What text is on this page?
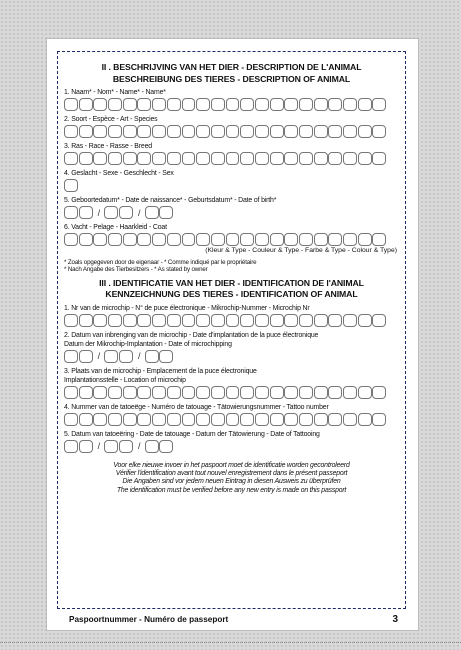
II . BESCHRIJVING VAN HET DIER - DESCRIPTION DE L'ANIMAL
BESCHREIBUNG DES TIERES - DESCRIPTION OF ANIMAL
1. Naam* - Nom* - Name* - Name*
2. Soort - Espèce - Art - Species
3. Ras - Race - Rasse - Breed
4. Geslacht - Sexe - Geschlecht - Sex
5. Geboortedatum* - Date de naissance* - Geburtsdatum* - Date of birth*
/	/
6. Vacht - Pelage - Haarkleid - Coat
(Kleur & Type - Couleur & Type - Farbe & Type - Colour & Type)
* Zoals opgegeven door de eigenaar - * Comme indiqué par le propriétaire
* Nach Angabe des Tierbesitzers - * As stated by owner
III . IDENTIFICATIE VAN HET DIER - IDENTIFICATION DE l'ANIMAL
KENNZEICHNUNG DES TIERES - IDENTIFICATION OF ANIMAL
1. Nr van de microchip - N° de puce électronique - Mikrochip-Nummer - Microchip Nr
2. Datum van inbrenging van de microchip - Date d'implantation de la puce électronique
Datum der Mikrochip-Implantation - Date of microchipping
/	/
3. Plaats van de microchip - Emplacement de la puce électronique
Implantationsstelle - Location of microchip
4. Nummer van de tatoeëge - Numéro de tatouage - Tätowierungsnummer - Tattoo number
5. Datum van tatoeëring - Date de tatouage - Datum der Tätowierung - Date of Tattooing
/	/
Voor elke nieuwe invoer in het paspoort moet de identificatie worden gecontroleerd
Vérifier l'identification avant tout nouvel enregistrement dans le présent passeport
Die Angaben sind vor jedem neuen Eintrag in diesen Ausweis zu überprüfen
The identification must be verified before any new entry is made on this passport
Paspoortnummer - Numéro de passeport	3
